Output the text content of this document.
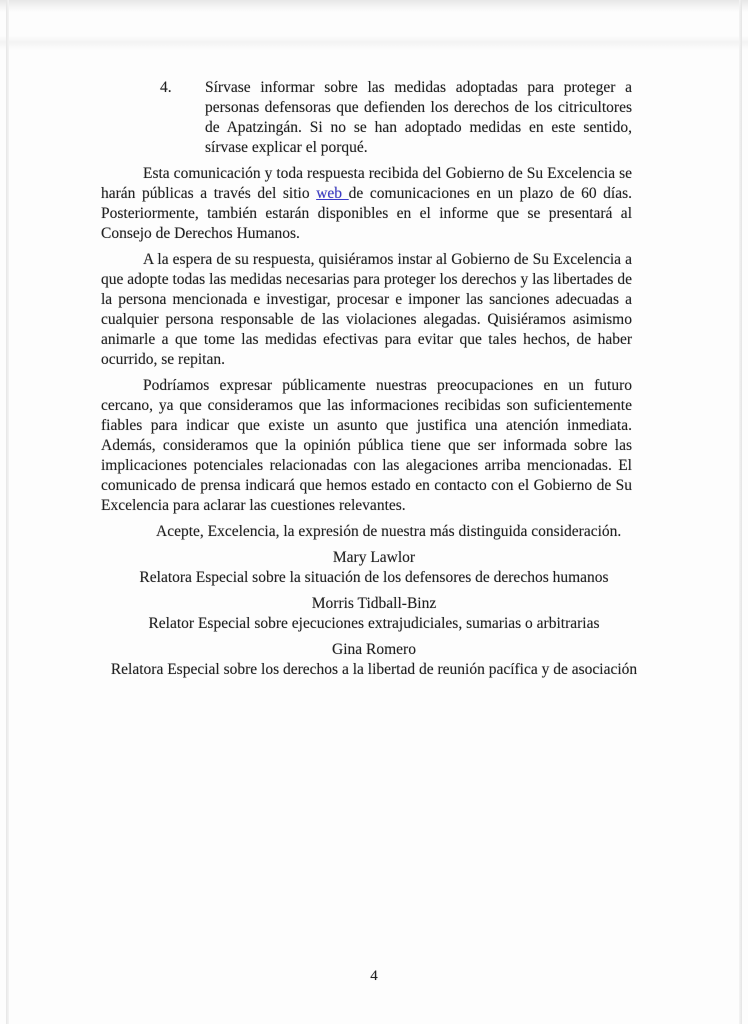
4.	Sírvase informar sobre las medidas adoptadas para proteger a personas defensoras que defienden los derechos de los citricultores de Apatzingán. Si no se han adoptado medidas en este sentido, sírvase explicar el porqué.

Esta comunicación y toda respuesta recibida del Gobierno de Su Excelencia se harán públicas a través del sitio web de comunicaciones en un plazo de 60 días. Posteriormente, también estarán disponibles en el informe que se presentará al Consejo de Derechos Humanos.

A la espera de su respuesta, quisiéramos instar al Gobierno de Su Excelencia a que adopte todas las medidas necesarias para proteger los derechos y las libertades de la persona mencionada e investigar, procesar e imponer las sanciones adecuadas a cualquier persona responsable de las violaciones alegadas. Quisiéramos asimismo animarle a que tome las medidas efectivas para evitar que tales hechos, de haber ocurrido, se repitan.

Podríamos expresar públicamente nuestras preocupaciones en un futuro cercano, ya que consideramos que las informaciones recibidas son suficientemente fiables para indicar que existe un asunto que justifica una atención inmediata. Además, consideramos que la opinión pública tiene que ser informada sobre las implicaciones potenciales relacionadas con las alegaciones arriba mencionadas. El comunicado de prensa indicará que hemos estado en contacto con el Gobierno de Su Excelencia para aclarar las cuestiones relevantes.

Acepte, Excelencia, la expresión de nuestra más distinguida consideración.

Mary Lawlor
Relatora Especial sobre la situación de los defensores de derechos humanos
Morris Tidball-Binz
Relator Especial sobre ejecuciones extrajudiciales, sumarias o arbitrarias
Gina Romero
Relatora Especial sobre los derechos a la libertad de reunión pacífica y de asociación
4
